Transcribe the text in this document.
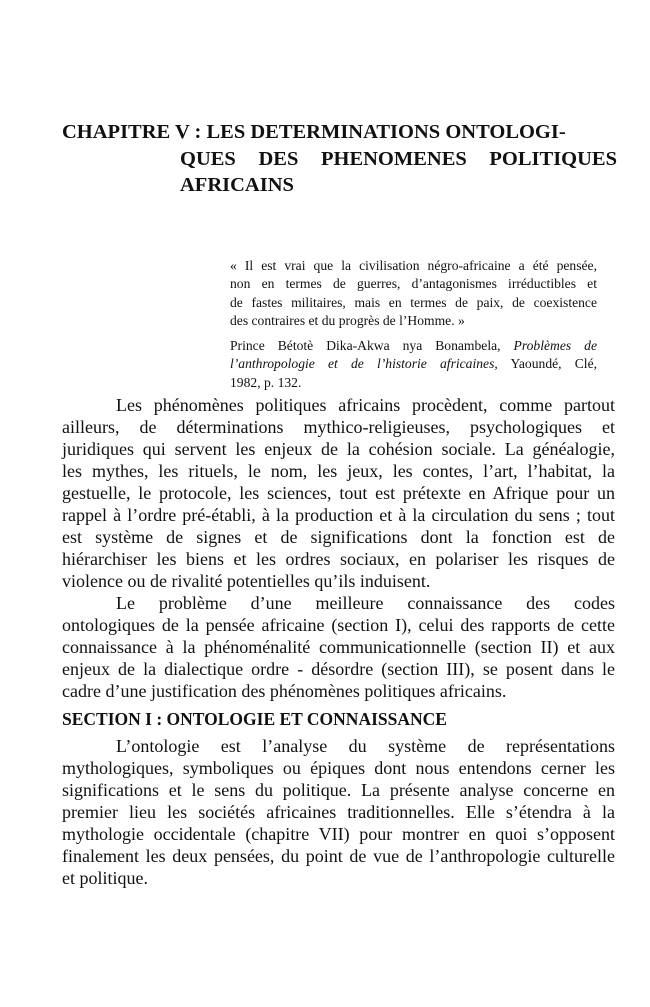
CHAPITRE V : LES DETERMINATIONS ONTOLOGI-
QUES DES PHENOMENES POLITIQUES
AFRICAINS
« Il est vrai que la civilisation négro-africaine a été pensée,
non en termes de guerres, d’antagonismes irréductibles et
de fastes militaires, mais en termes de paix, de coexistence
des contraires et du progrès de l’Homme. »
Prince Bétotè Dika-Akwa nya Bonambela, Problèmes de
l’anthropologie et de l’historie africaines, Yaoundé, Clé,
1982, p. 132.
Les phénomènes politiques africains procèdent, comme partout
ailleurs, de déterminations mythico-religieuses, psychologiques et
juridiques qui servent les enjeux de la cohésion sociale. La généalogie,
les mythes, les rituels, le nom, les jeux, les contes, l’art, l’habitat, la
gestuelle, le protocole, les sciences, tout est prétexte en Afrique pour un
rappel à l’ordre pré-établi, à la production et à la circulation du sens ; tout
est système de signes et de significations dont la fonction est de
hiérarchiser les biens et les ordres sociaux, en polariser les risques de
violence ou de rivalité potentielles qu’ils induisent.
Le problème d’une meilleure connaissance des codes
ontologiques de la pensée africaine (section I), celui des rapports de cette
connaissance à la phénoménalité communicationnelle (section II) et aux
enjeux de la dialectique ordre - désordre (section III), se posent dans le
cadre d’une justification des phénomènes politiques africains.
SECTION I : ONTOLOGIE ET CONNAISSANCE
L’ontologie est l’analyse du système de représentations
mythologiques, symboliques ou épiques dont nous entendons cerner les
significations et le sens du politique. La présente analyse concerne en
premier lieu les sociétés africaines traditionnelles. Elle s’étendra à la
mythologie occidentale (chapitre VII) pour montrer en quoi s’opposent
finalement les deux pensées, du point de vue de l’anthropologie culturelle
et politique.
